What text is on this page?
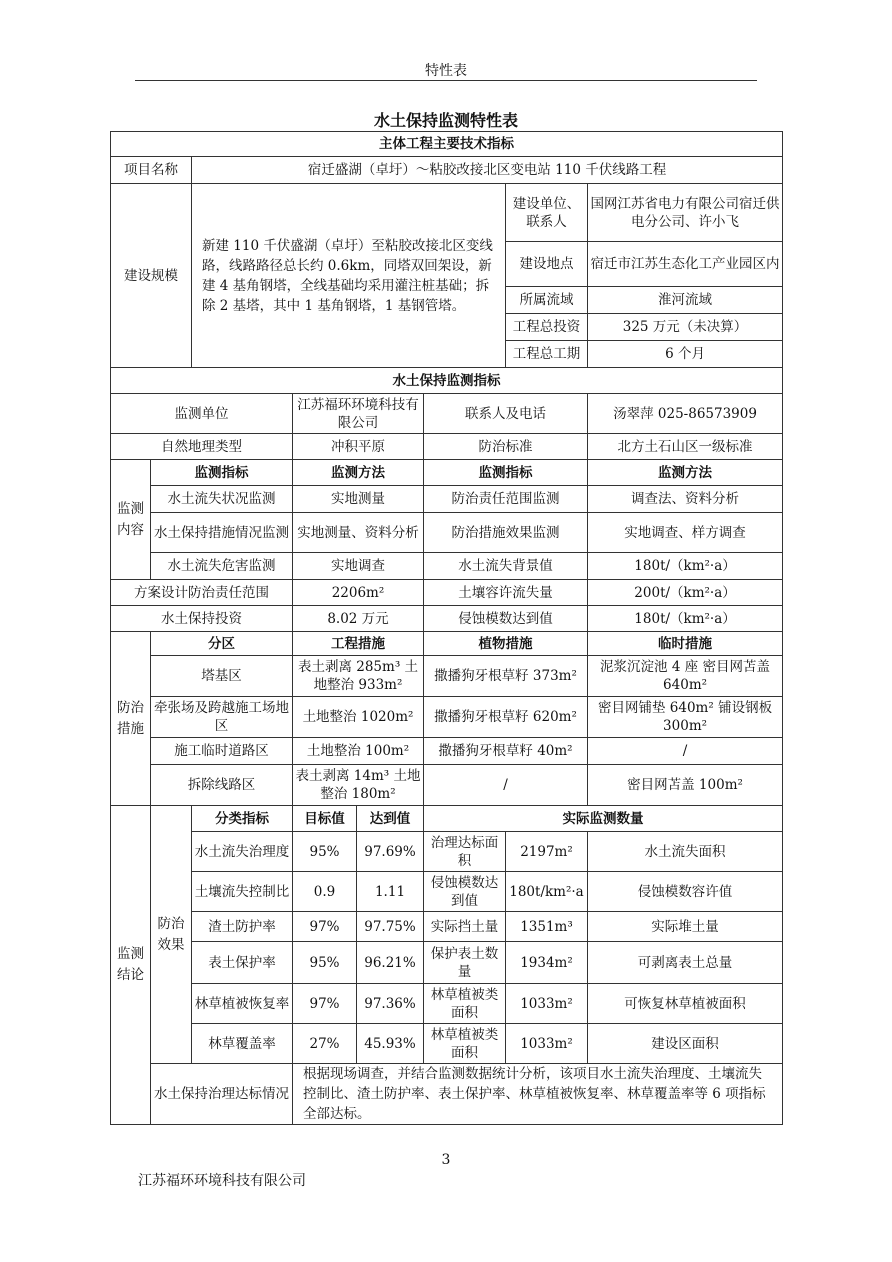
特性表
水土保持监测特性表
主体工程主要技术指标								
项目名称		宿迁盛湖（卓圩）～粘胶改接北区变电站 110 千伏线路工程						
建设规模		新建 110 千伏盛湖（卓圩）至粘胶改接北区变线路，线路路径总长约 0.6km，同塔双回架设，新建 4 基角钢塔，全线基础均采用灌注桩基础；拆除 2 基塔，其中 1 基角钢塔，1 基钢管塔。				建设单位、联系人	国网江苏省电力有限公司宿迁供电分公司、许小飞	
						建设地点	宿迁市江苏生态化工产业园区内	
						所属流域	淮河流域	
						工程总投资	325 万元（未决算）	
						工程总工期	6 个月	
水土保持监测指标								
监测单位			江苏福环环境科技有限公司		联系人及电话		汤翠萍 025-86573909	
自然地理类型			冲积平原		防治标准		北方土石山区一级标准	
监测内容	监测指标		监测方法		监测指标		监测方法	
	水土流失状况监测		实地测量		防治责任范围监测		调查法、资料分析	
	水土保持措施情况监测		实地测量、资料分析		防治措施效果监测		实地调查、样方调查	
	水土流失危害监测		实地调查		水土流失背景值		180t/（km²·a）	
方案设计防治责任范围			2206m²		土壤容许流失量		200t/（km²·a）	
水土保持投资			8.02 万元		侵蚀模数达到值		180t/（km²·a）	
防治措施	分区		工程措施		植物措施		临时措施	
	塔基区		表土剥离 285m³ 土地整治 933m²		撒播狗牙根草籽 373m²		泥浆沉淀池 4 座 密目网苫盖 640m²	
	牵张场及跨越施工场地区		土地整治 1020m²		撒播狗牙根草籽 620m²		密目网铺垫 640m² 铺设钢板 300m²	
	施工临时道路区		土地整治 100m²		撒播狗牙根草籽 40m²		/	
	拆除线路区		表土剥离 14m³ 土地整治 180m²		/		密目网苫盖 100m²	
监测结论	防治效果	分类指标	目标值	达到值	实际监测数量			
		水土流失治理度	95%	97.69%	治理达标面积	2197m²	水土流失面积	
		土壤流失控制比	0.9	1.11	侵蚀模数达到值	180t/km²·a	侵蚀模数容许值	
		渣土防护率	97%	97.75%	实际挡土量	1351m³	实际堆土量	
		表土保护率	95%	96.21%	保护表土数量	1934m²	可剥离表土总量	
		林草植被恢复率	97%	97.36%	林草植被类面积	1033m²	可恢复林草植被面积	
		林草覆盖率	27%	45.93%	林草植被类面积	1033m²	建设区面积	
	水土保持治理达标情况		根据现场调查，并结合监测数据统计分析，该项目水土流失治理度、土壤流失控制比、渣土防护率、表土保护率、林草植被恢复率、林草覆盖率等 6 项指标全部达标。					
3
江苏福环环境科技有限公司
